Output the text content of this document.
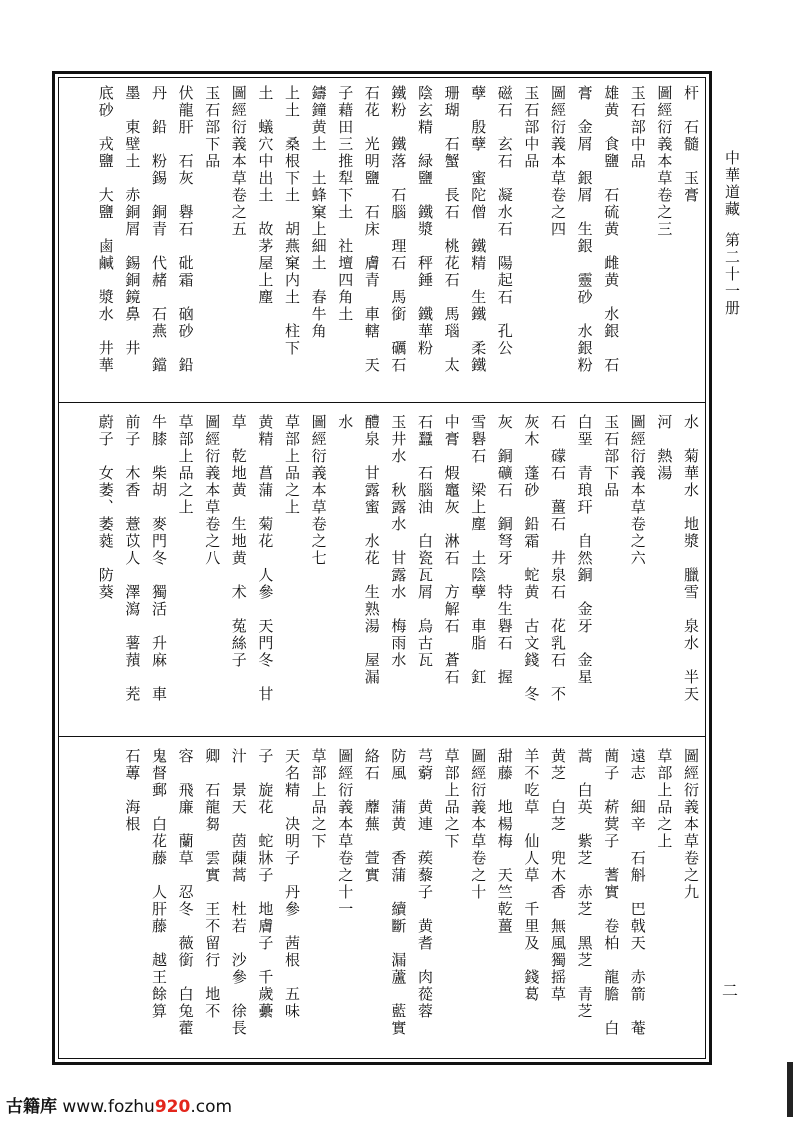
中華道藏
第二十一册
二
杆　石髓　玉膏
圖經衍義本草卷之三
玉石部中品
雄黄　食鹽　石硫黄　雌黄　水銀　石
膏　金屑　銀屑　生銀　靈砂　水銀粉
圖經衍義本草卷之四
玉石部中品
磁石　玄石　凝水石　陽起石　孔公
孽　殷孽　蜜陀僧　鐵精　生鐵　柔鐵
珊瑚　石蟹　長石　桃花石　馬瑙　太
陰玄精　緑鹽　鐵漿　秤錘　鐵華粉
鐵粉　鐵落　石腦　理石　馬銜　礪石
石花　光明鹽　石床　膚青　車轄　天
子藉田三推犁下土　社壇四角土
鑄鐘黄土　土蜂窠上細土　春牛角
上土　桑根下土　胡燕窠内土　柱下
土　蟻穴中出土　故茅屋上塵
圖經衍義本草卷之五
玉石部下品
伏龍肝　石灰　礜石　砒霜　硇砂　鉛
丹　鉛　粉錫　銅青　代赭　石燕　鐺
墨　東壁土　赤銅屑　錫銅鏡鼻　井
底砂　戎鹽　大鹽　鹵鹹　漿水　井華
水　菊華水　地漿　臘雪　泉水　半天
河　熱湯
圖經衍義本草卷之六
玉石部下品
白堊　青琅玕　自然銅　金牙　金星
石　礞石　薑石　井泉石　花乳石　不
灰木　蓬砂　鉛霜　蛇黄　古文錢　冬
灰　銅礦石　銅弩牙　特生礜石　握
雪礜石　梁上塵　土陰孽　車脂　釭
中膏　煆竈灰　淋石　方解石　蒼石
石蠶　石腦油　白瓷瓦屑　烏古瓦
玉井水　秋露水　甘露水　梅雨水
醴泉　甘露蜜　水花　生熟湯　屋漏
水
圖經衍義本草卷之七
草部上品之上
黄精　菖蒲　菊花　人參　天門冬　甘
草　乾地黄　生地黄　术　菟絲子
圖經衍義本草卷之八
草部上品之上
牛膝　柴胡　麥門冬　獨活　升麻　車
前子　木香　薏苡人　澤瀉　薯蕷　茺
蔚子　女萎、萎蕤　防葵
圖經衍義本草卷之九
草部上品之上
遠志　細辛　石斛　巴戟天　赤箭　菴
蕳子　菥蓂子　蓍實　卷柏　龍膽　白
蒿　白英　紫芝　赤芝　黑芝　青芝
黄芝　白芝　兜木香　無風獨摇草
羊不吃草　仙人草　千里及　錢葛
甜藤　地楊梅　天竺乾薑
圖經衍義本草卷之十
草部上品之下
芎藭　黄連　蒺藜子　黄耆　肉蓯蓉
防風　蒲黄　香蒲　續斷　漏蘆　藍實
絡石　蘼蕪　萱實
圖經衍義本草卷之十一
草部上品之下
天名精　决明子　丹參　茜根　五味
子　旋花　蛇牀子　地膚子　千歲虆
汁　景天　茵蔯蒿　杜若　沙參　徐長
卿　石龍芻　雲實　王不留行　地不
容　飛廉　蘭草　忍冬　薇銜　白兔藿
鬼督郵　白花藤　人肝藤　越王餘算
石蓴　海根
古籍库 www.fozhu920.com
